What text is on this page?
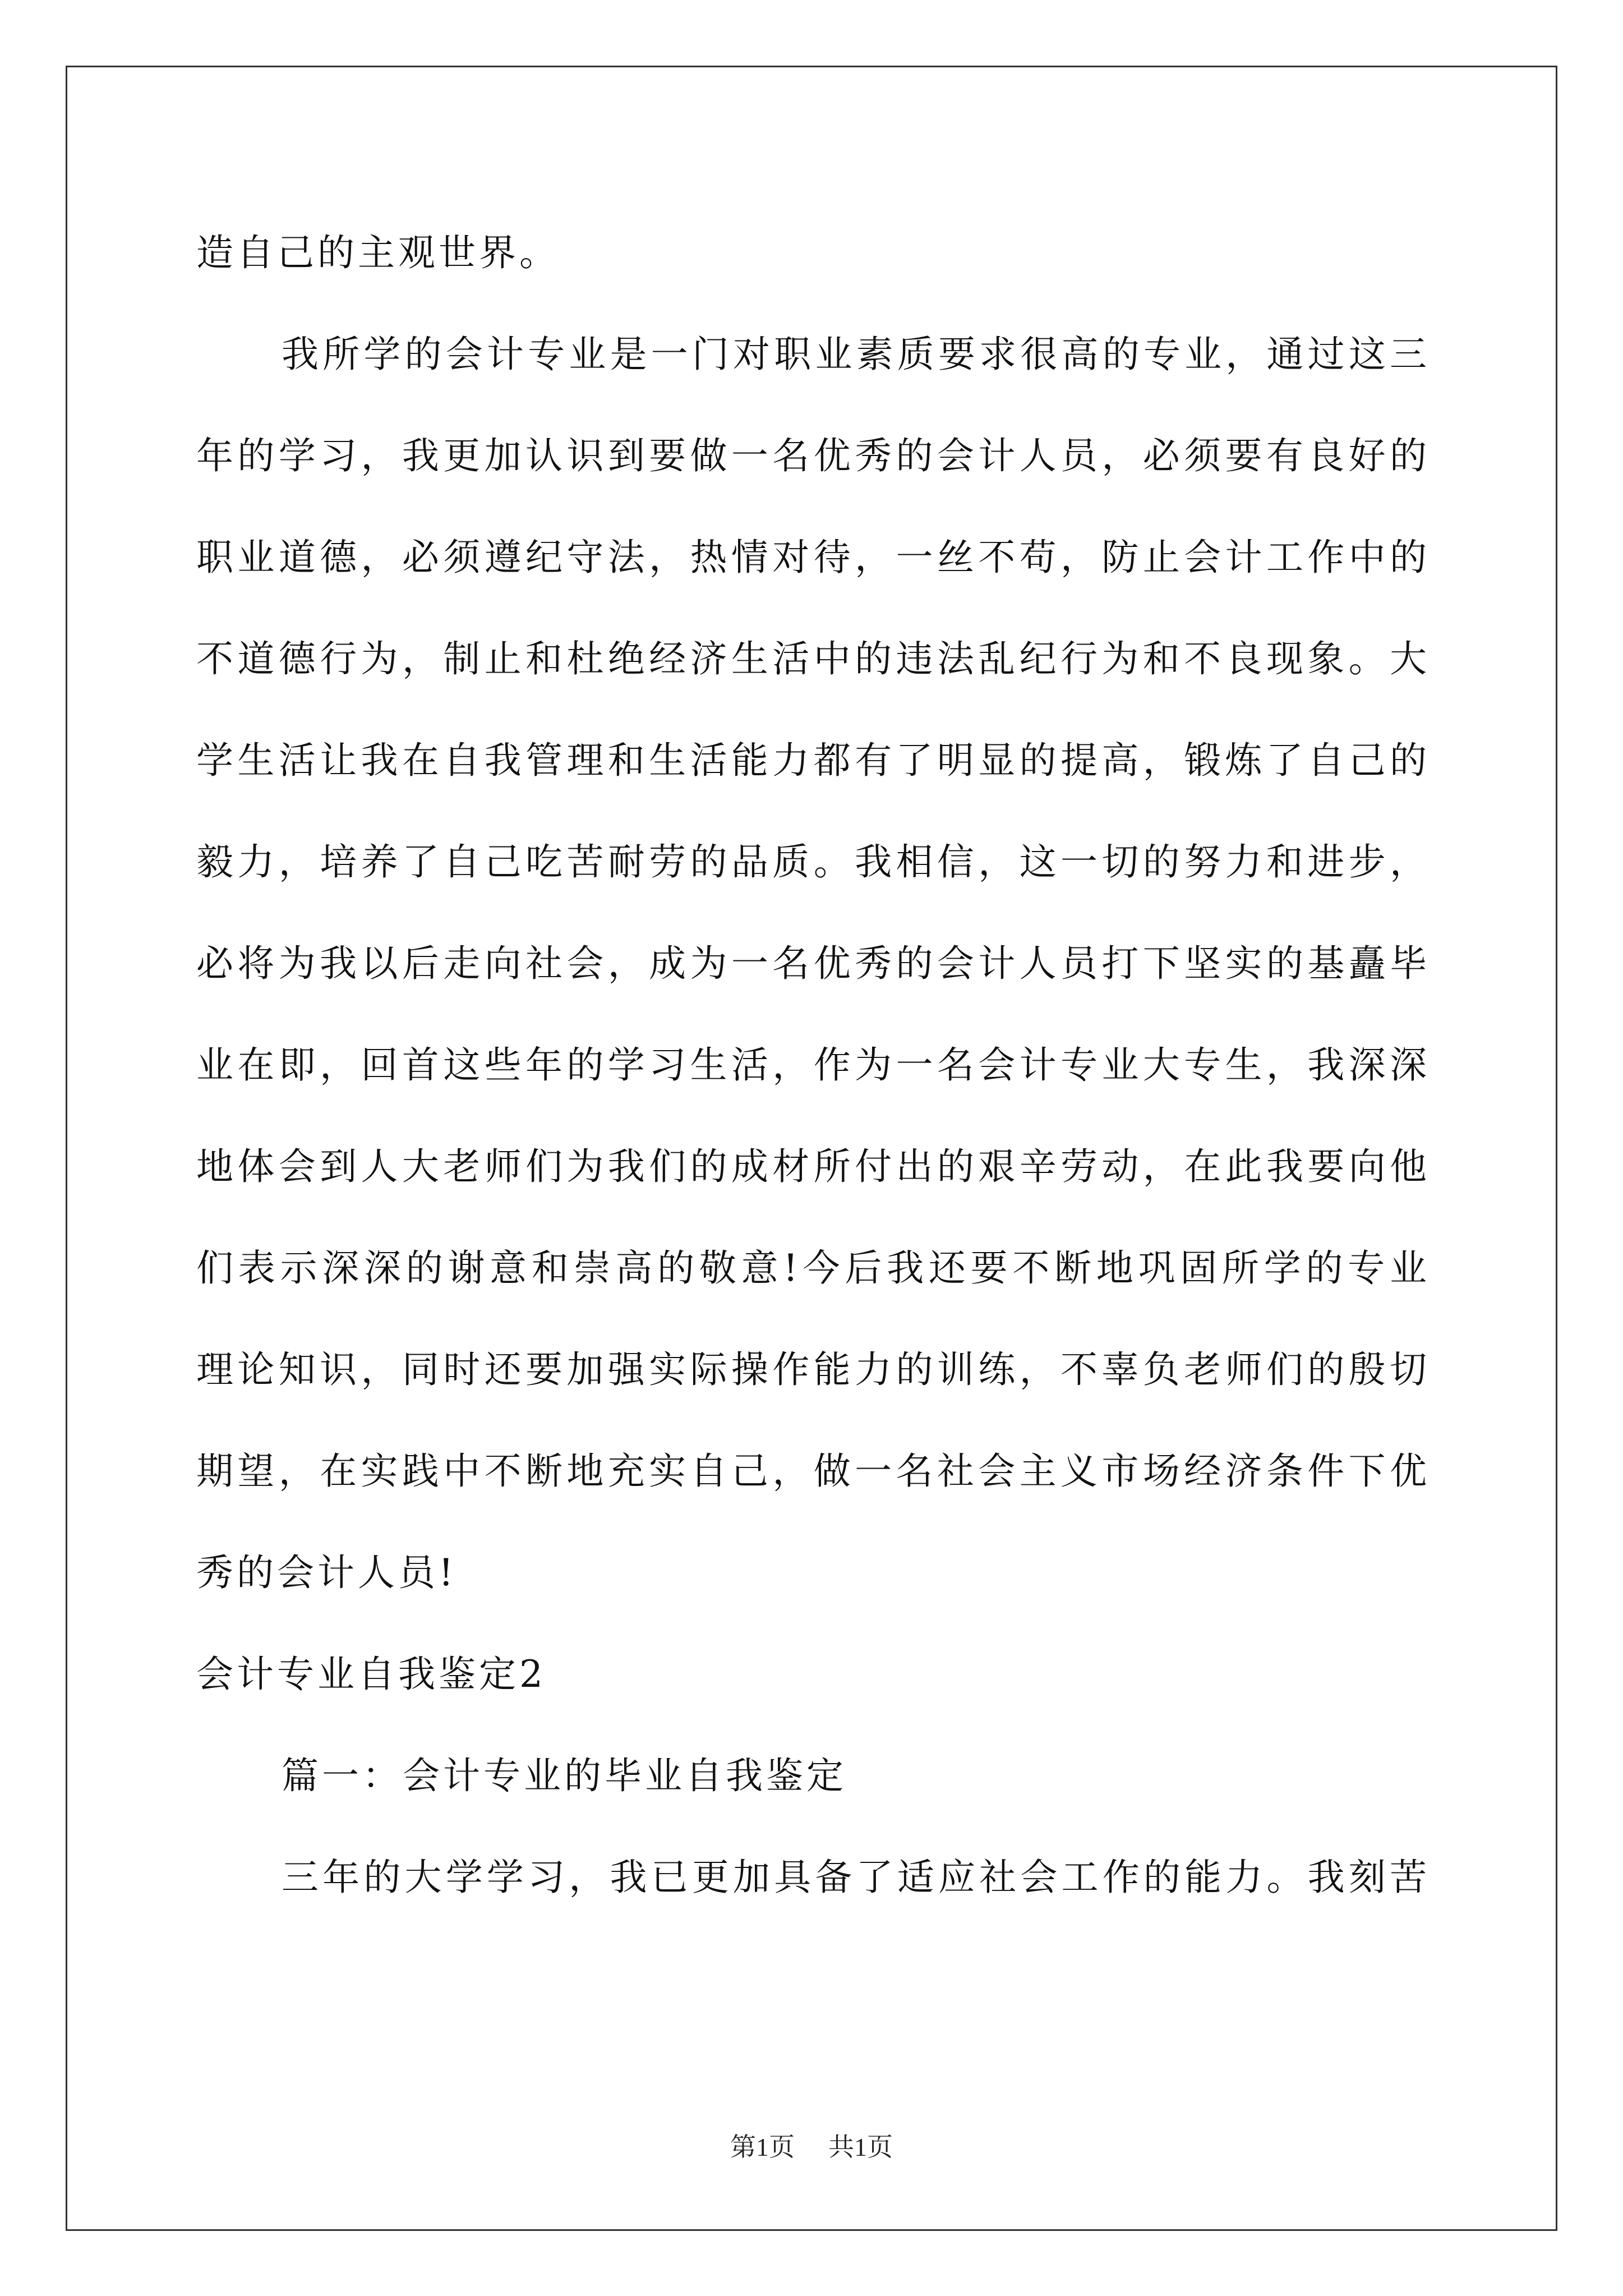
造自己的主观世界。
我所学的会计专业是一门对职业素质要求很高的专业，通过这三
年的学习，我更加认识到要做一名优秀的会计人员，必须要有良好的
职业道德，必须遵纪守法，热情对待，一丝不苟，防止会计工作中的
不道德行为，制止和杜绝经济生活中的违法乱纪行为和不良现象。大
学生活让我在自我管理和生活能力都有了明显的提高，锻炼了自己的
毅力，培养了自己吃苦耐劳的品质。我相信，这一切的努力和进步，
必将为我以后走向社会，成为一名优秀的会计人员打下坚实的基矗毕
业在即，回首这些年的学习生活，作为一名会计专业大专生，我深深
地体会到人大老师们为我们的成材所付出的艰辛劳动，在此我要向他
们表示深深的谢意和崇高的敬意!今后我还要不断地巩固所学的专业
理论知识，同时还要加强实际操作能力的训练，不辜负老师们的殷切
期望，在实践中不断地充实自己，做一名社会主义市场经济条件下优
秀的会计人员!
会计专业自我鉴定2
篇一：会计专业的毕业自我鉴定
三年的大学学习，我已更加具备了适应社会工作的能力。我刻苦
第1页 共1页
